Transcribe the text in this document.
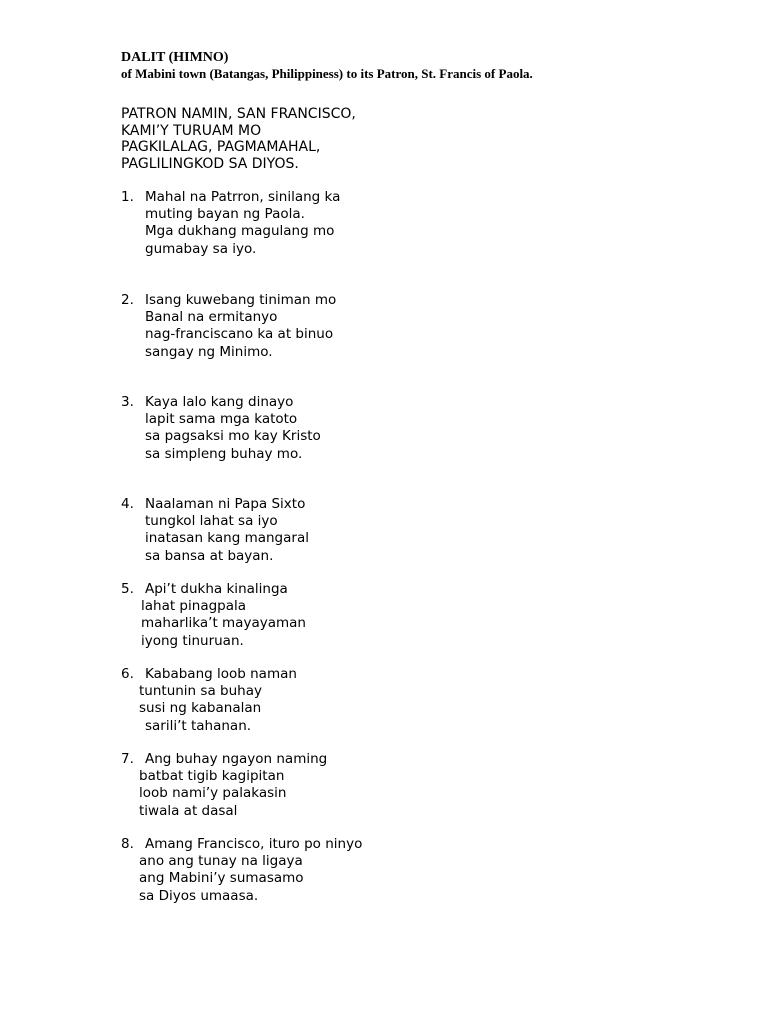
DALIT (HIMNO)
of Mabini town (Batangas, Philippiness) to its Patron, St. Francis of Paola.
PATRON NAMIN, SAN FRANCISCO,
KAMI’Y TURUAM MO
PAGKILALAG, PAGMAMAHAL,
PAGLILINGKOD SA DIYOS.
1. Mahal na Patrron, sinilang ka
muting bayan ng Paola.
Mga dukhang magulang mo
gumabay sa iyo.
2. Isang kuwebang tiniman mo
Banal na ermitanyo
nag-franciscano ka at binuo
sangay ng Minimo.
3. Kaya lalo kang dinayo
lapit sama mga katoto
sa pagsaksi mo kay Kristo
sa simpleng buhay mo.
4. Naalaman ni Papa Sixto
tungkol lahat sa iyo
inatasan kang mangaral
sa bansa at bayan.
5. Api’t dukha kinalinga
lahat pinagpala
maharlika’t mayayaman
iyong tinuruan.
6. Kababang loob naman
tuntunin sa buhay
susi ng kabanalan
sarili’t tahanan.
7. Ang buhay ngayon naming
batbat tigib kagipitan
loob nami’y palakasin
tiwala at dasal
8. Amang Francisco, ituro po ninyo
ano ang tunay na ligaya
ang Mabini’y sumasamo
sa Diyos umaasa.
